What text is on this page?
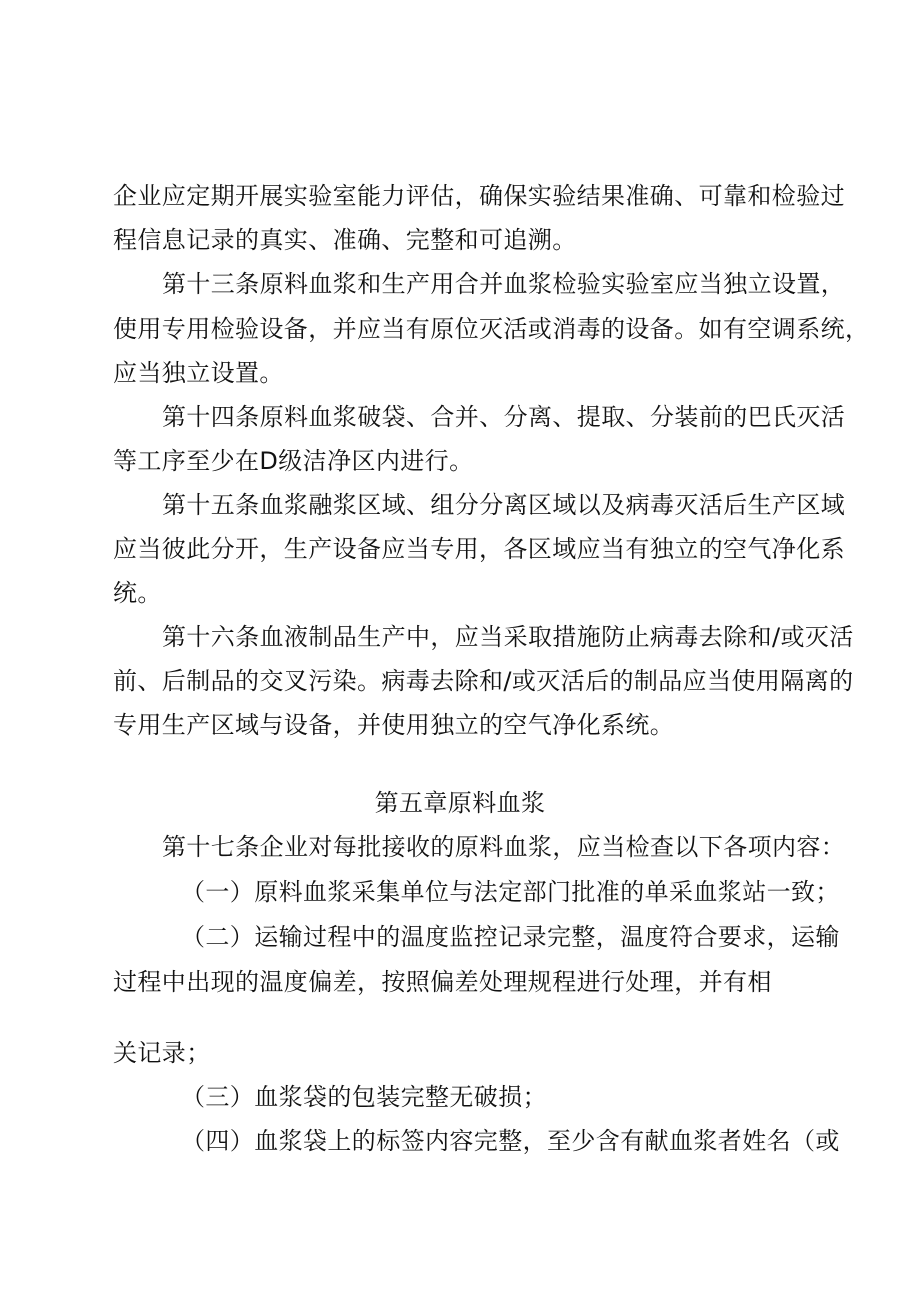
企业应定期开展实验室能力评估，确保实验结果准确、可靠和检验过

程信息记录的真实、准确、完整和可追溯。

第十三条原料血浆和生产用合并血浆检验实验室应当独立设置，

使用专用检验设备，并应当有原位灭活或消毒的设备。如有空调系统，

应当独立设置。

第十四条原料血浆破袋、合并、分离、提取、分装前的巴氏灭活

等工序至少在D级洁净区内进行。

第十五条血浆融浆区域、组分分离区域以及病毒灭活后生产区域

应当彼此分开，生产设备应当专用，各区域应当有独立的空气净化系

统。

第十六条血液制品生产中，应当采取措施防止病毒去除和/或灭活

前、后制品的交叉污染。病毒去除和/或灭活后的制品应当使用隔离的

专用生产区域与设备，并使用独立的空气净化系统。

第五章原料血浆

第十七条企业对每批接收的原料血浆，应当检查以下各项内容：

（一）原料血浆采集单位与法定部门批准的单采血浆站一致；

（二）运输过程中的温度监控记录完整，温度符合要求，运输

过程中出现的温度偏差，按照偏差处理规程进行处理，并有相

关记录；

（三）血浆袋的包装完整无破损；

（四）血浆袋上的标签内容完整，至少含有献血浆者姓名（或
